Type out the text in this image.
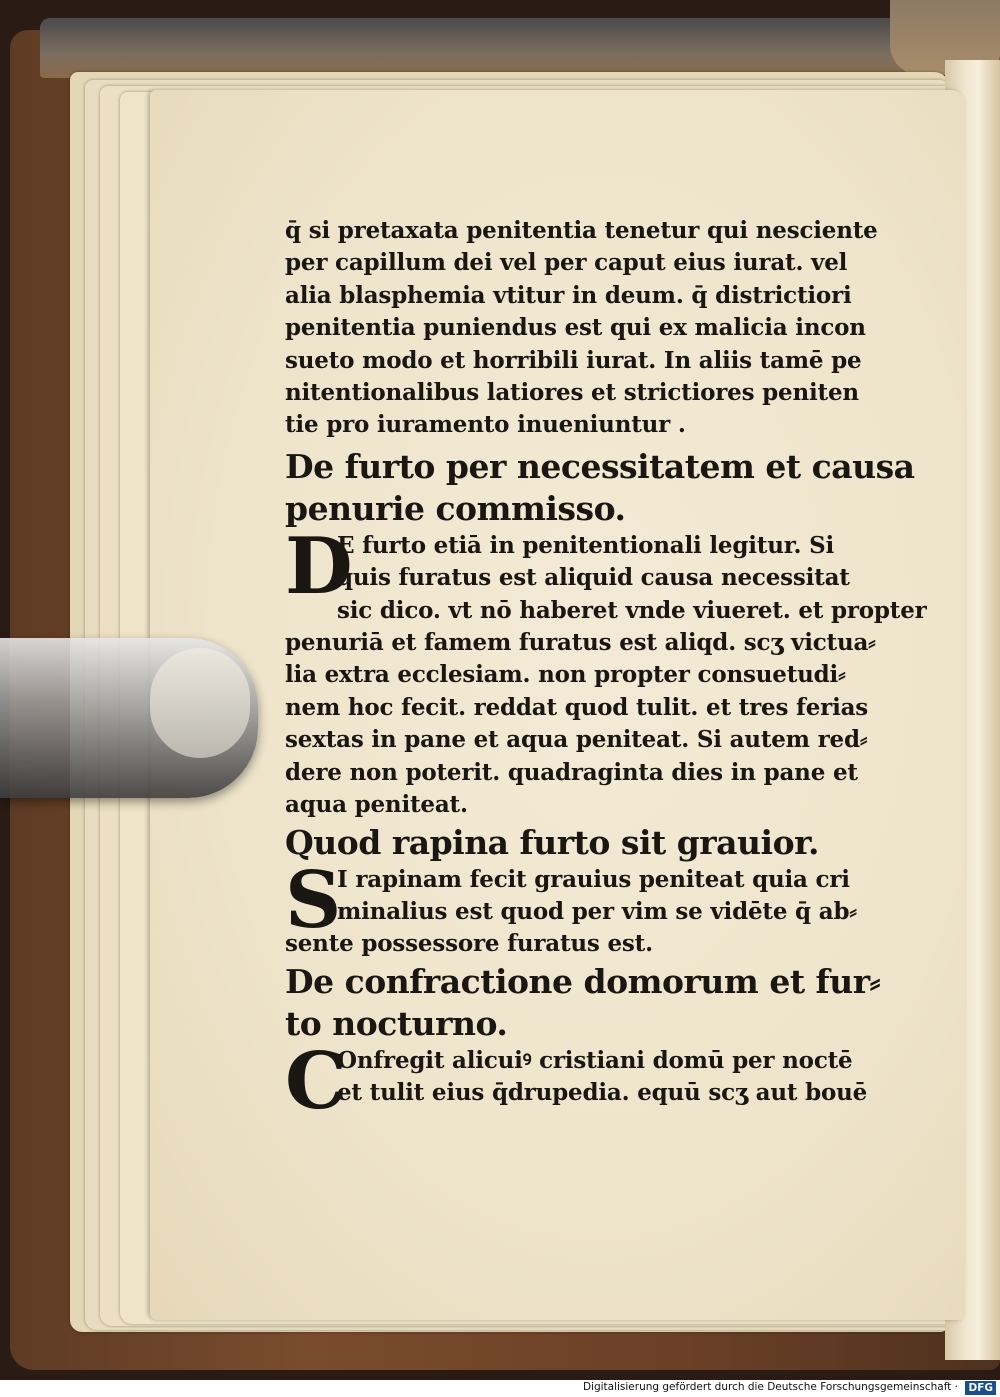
q̄ si pretaxata penitentia tenetur qui nesciente
per capillum dei vel per caput eius iurat. vel
alia blasphemia vtitur in deum. q̄ districtiori
penitentia puniendus est qui ex malicia incon
sueto modo et horribili iurat. In aliis tamē pe
nitentionalibus latiores et strictiores peniten
tie pro iuramento inueniuntur .
De furto per necessitatem et causa
penurie commisso.
D
E furto etiā in penitentionali legitur. Si
quis furatus est aliquid causa necessitat
sic dico. vt nō haberet vnde viueret. et propter
penuriā et famem furatus est aliqd. scʒ victua⸗
lia extra ecclesiam. non propter consuetudi⸗
nem hoc fecit. reddat quod tulit. et tres ferias
sextas in pane et aqua peniteat. Si autem red⸗
dere non poterit. quadraginta dies in pane et
aqua peniteat.
Quod rapina furto sit grauior.
S
I rapinam fecit grauius peniteat quia cri
minalius est quod per vim se vidēte q̄ ab⸗
sente possessore furatus est.
De confractione domorum et fur⸗
to nocturno.
C
Onfregit alicuiꝰ cristiani domū per noctē
et tulit eius q̄drupedia. equū scʒ aut bouē
Digitalisierung gefördert durch die Deutsche Forschungsgemeinschaft · DFG
